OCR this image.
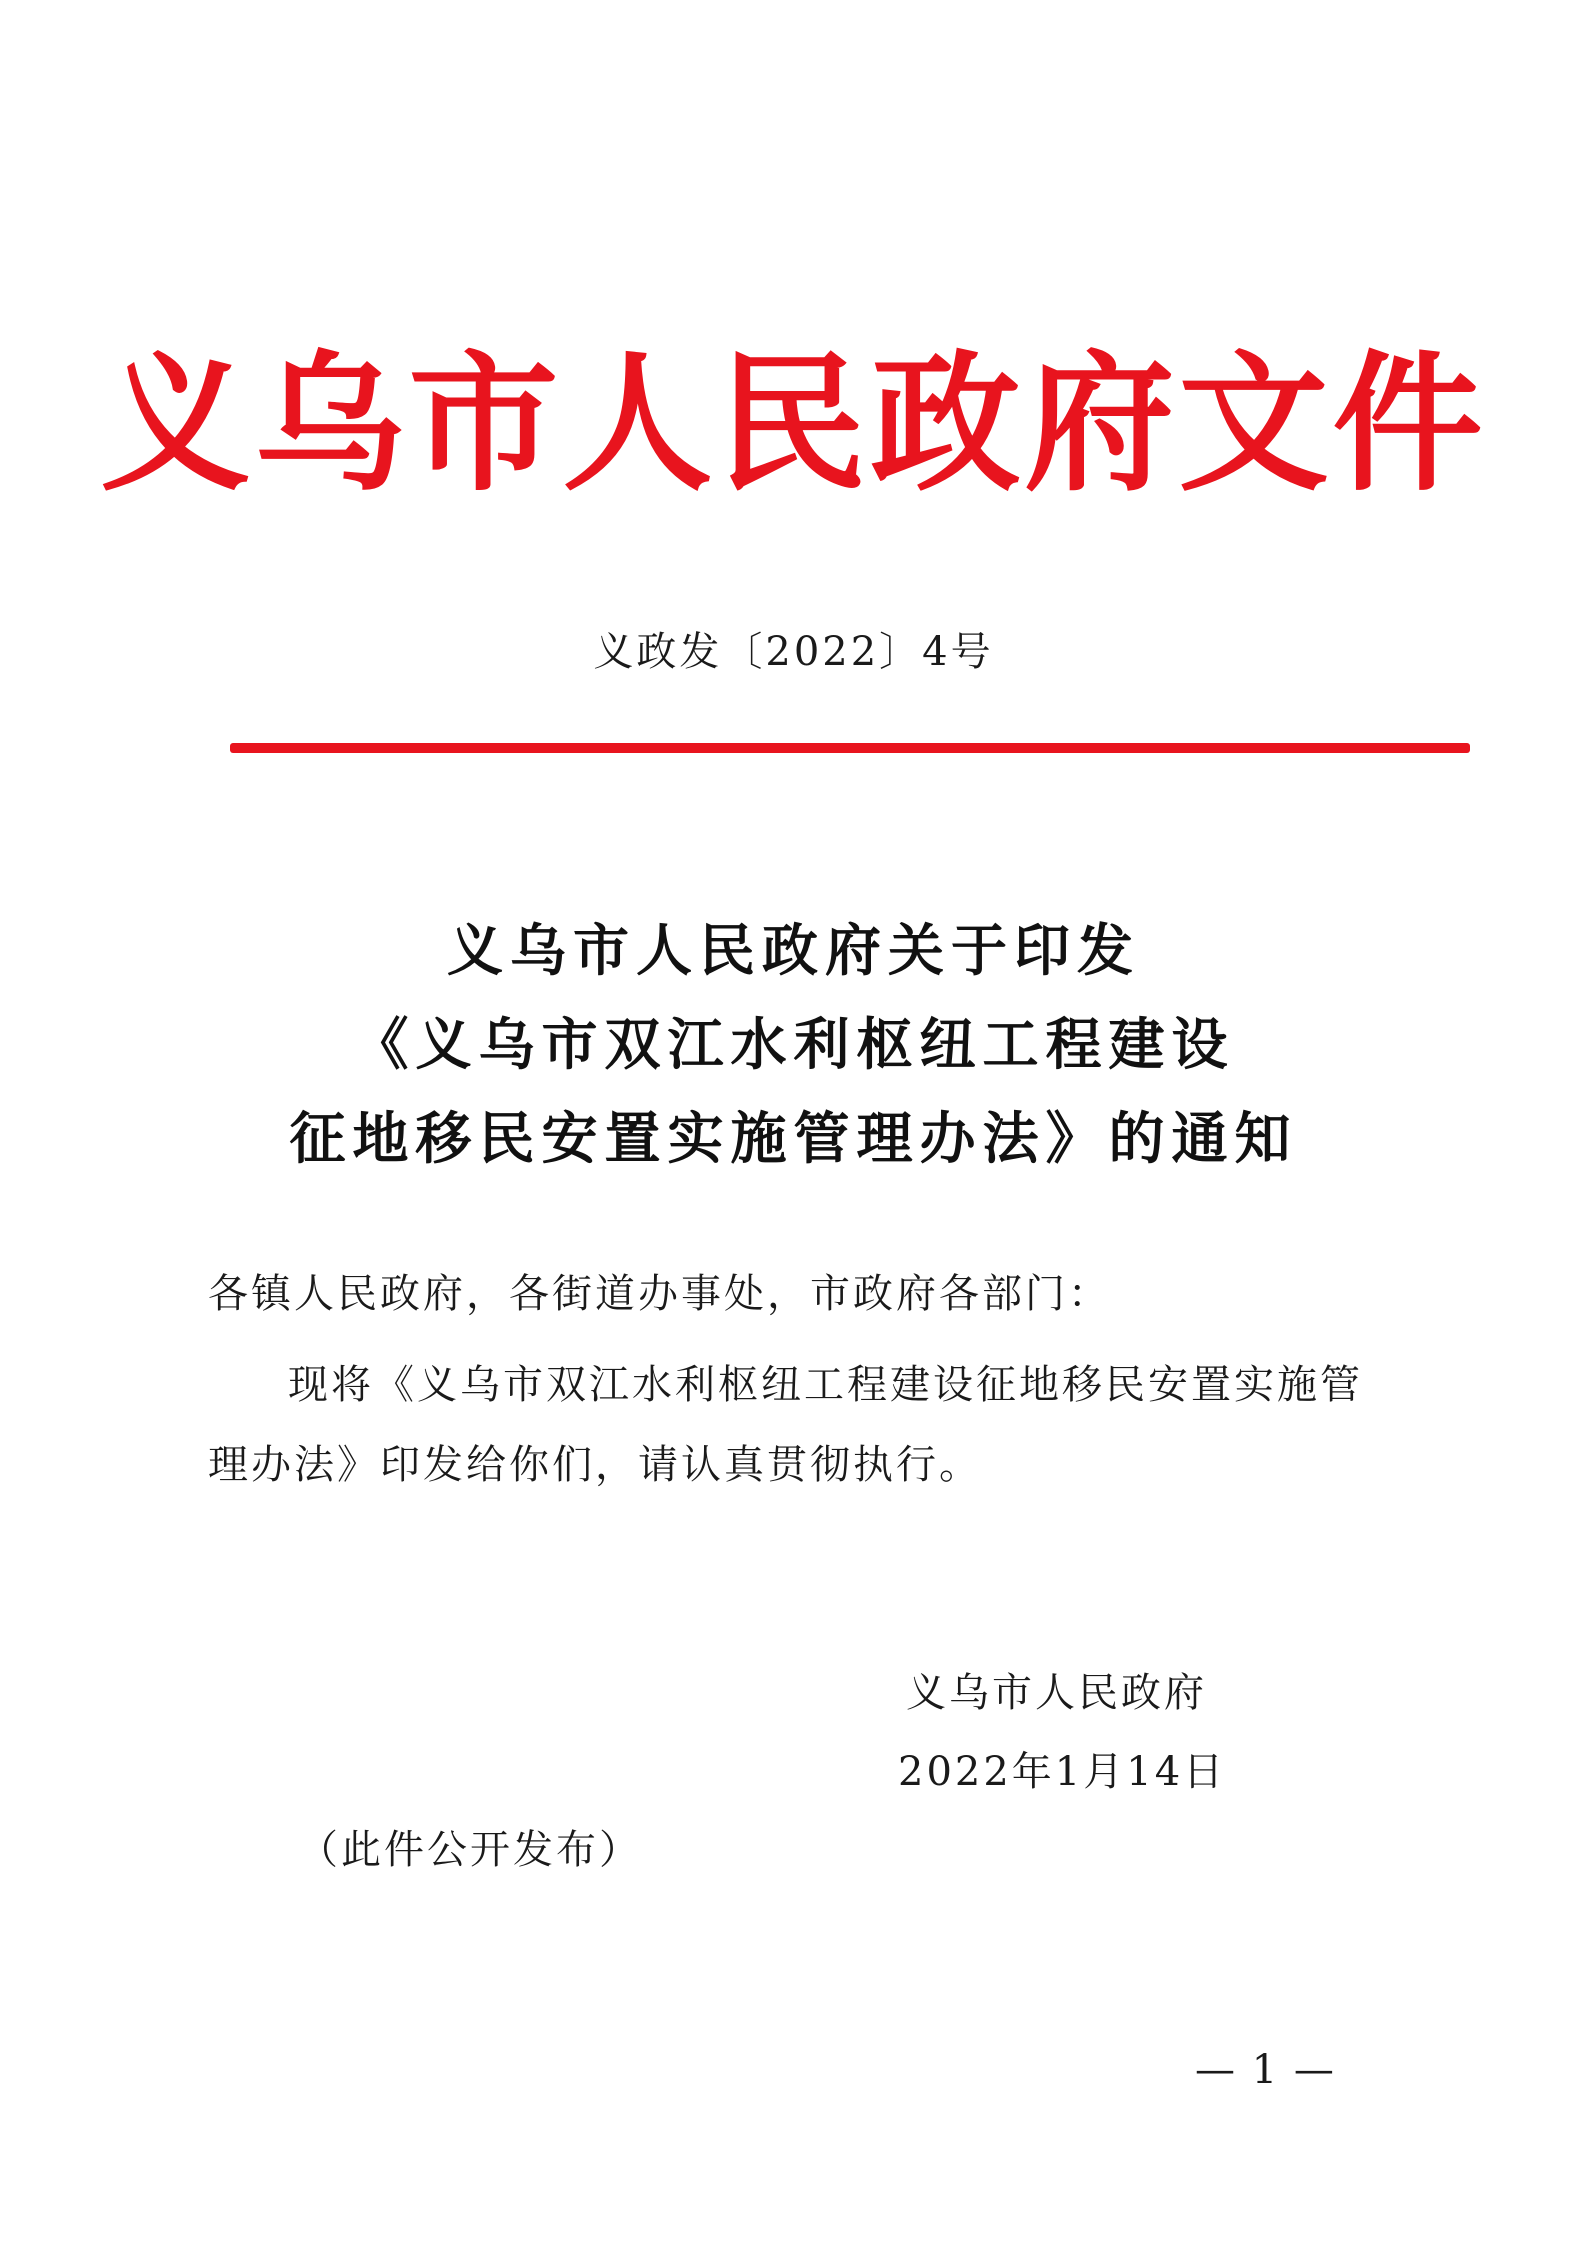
义乌市人民政府文件
义政发〔2022〕4号
义乌市人民政府关于印发
《义乌市双江水利枢纽工程建设
征地移民安置实施管理办法》的通知
各镇人民政府，各街道办事处，市政府各部门：
现将《义乌市双江水利枢纽工程建设征地移民安置实施管理办法》印发给你们，请认真贯彻执行。
义乌市人民政府
2022年1月14日
（此件公开发布）
— 1 —
